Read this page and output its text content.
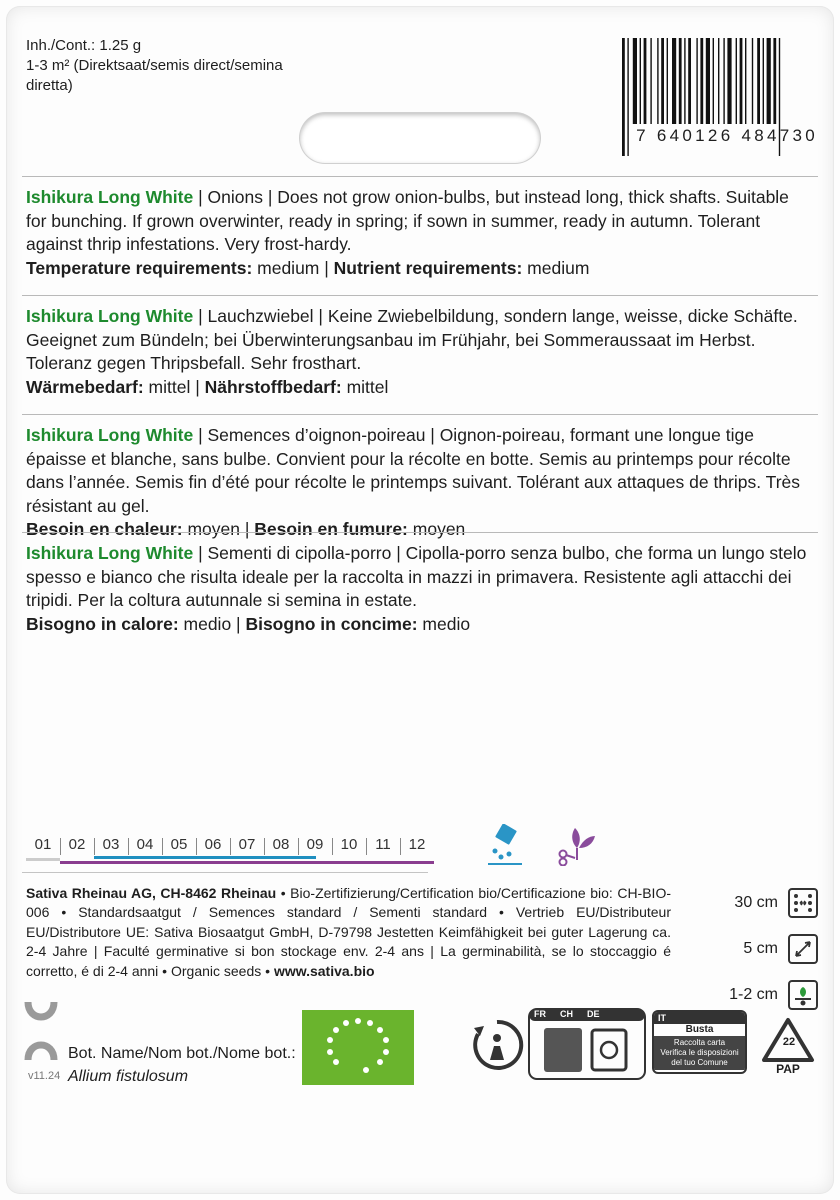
Inh./Cont.: 1.25 g
1-3 m² (Direktsaat/semis direct/semina diretta)
7 640126 484730
Ishikura Long White | Onions | Does not grow onion-bulbs, but instead long, thick shafts. Suitable for bunching. If grown overwinter, ready in spring; if sown in summer, ready in autumn. Tolerant against thrip infestations. Very frost-hardy.
Temperature requirements: medium | Nutrient requirements: medium
Ishikura Long White | Lauchzwiebel | Keine Zwiebelbildung, sondern lange, weisse, dicke Schäfte. Geeignet zum Bündeln; bei Überwinterungsanbau im Frühjahr, bei Sommeraussaat im Herbst. Toleranz gegen Thripsbefall. Sehr frosthart.
Wärmebedarf: mittel | Nährstoffbedarf: mittel
Ishikura Long White | Semences d’oignon-poireau | Oignon-poireau, formant une longue tige épaisse et blanche, sans bulbe. Convient pour la récolte en botte. Semis au printemps pour récolte dans l’année. Semis fin d’été pour récolte le printemps suivant. Tolérant aux attaques de thrips. Très résistant au gel.
Besoin en chaleur: moyen | Besoin en fumure: moyen
Ishikura Long White | Sementi di cipolla-porro | Cipolla-porro senza bulbo, che forma un lungo stelo spesso e bianco che risulta ideale per la raccolta in mazzi in primavera. Resistente agli attacchi dei tripidi. Per la coltura autunnale si semina in estate.
Bisogno in calore: medio | Bisogno in concime: medio
01	02	03	04	05	06	07	08	09	10	11	12
Sativa Rheinau AG, CH-8462 Rheinau • Bio-Zertifizierung/Certification bio/Certificazione bio: CH-BIO-006 • Standardsaatgut / Semences standard / Sementi standard • Vertrieb EU/Distributeur EU/Distributore UE: Sativa Biosaatgut GmbH, D-79798 Jestetten Keimfähigkeit bei guter Lagerung ca. 2-4 Jahre | Faculté germinative si bon stockage env. 2-4 ans | La germinabilità, se lo stoccaggio é corretto, é di 2-4 anni • Organic seeds • www.sativa.bio
30 cm
5 cm
1-2 cm
Bot. Name/Nom bot./Nome bot.:
Allium fistulosum
v11.24
FR CH DE	IT
Busta
Raccolta carta
Verifica le disposizioni
del tuo Comune
22
PAP
